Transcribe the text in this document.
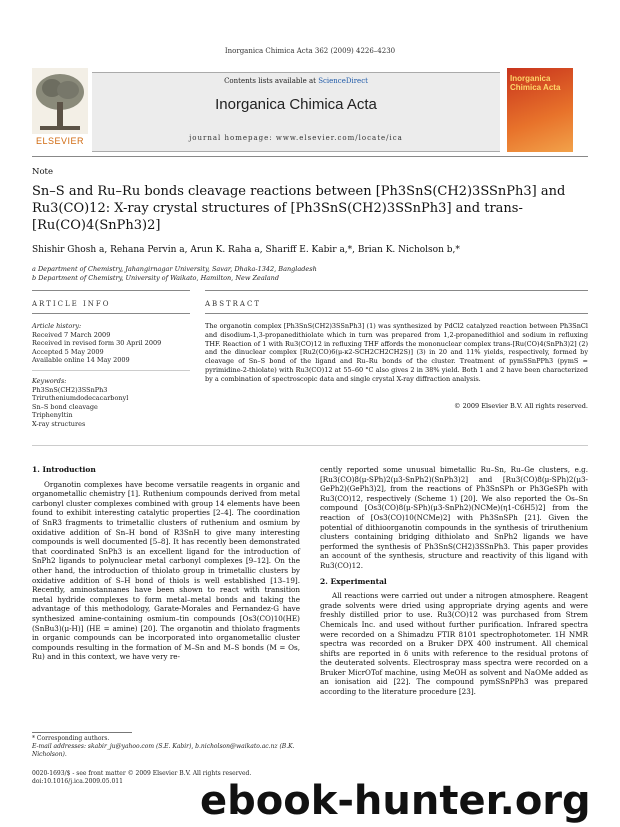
Inorganica Chimica Acta 362 (2009) 4226–4230
Contents lists available at ScienceDirect
Inorganica Chimica Acta
journal homepage: www.elsevier.com/locate/ica
ELSEVIER
Inorganica Chimica Acta
Note
Sn–S and Ru–Ru bonds cleavage reactions between [Ph3SnS(CH2)3SSnPh3] and Ru3(CO)12: X-ray crystal structures of [Ph3SnS(CH2)3SSnPh3] and trans-[Ru(CO)4(SnPh3)2]
Shishir Ghosh a, Rehana Pervin a, Arun K. Raha a, Shariff E. Kabir a,*, Brian K. Nicholson b,*
a Department of Chemistry, Jahangirnagar University, Savar, Dhaka-1342, Bangladesh
b Department of Chemistry, University of Waikato, Hamilton, New Zealand
ARTICLE INFO	ABSTRACT
Article history:
Received 7 March 2009
Received in revised form 30 April 2009
Accepted 5 May 2009
Available online 14 May 2009
Keywords:
Ph3SnS(CH2)3SSnPh3
Trirutheniumdodecacarbonyl
Sn–S bond cleavage
Triphenyltin
X-ray structures
The organotin complex [Ph3SnS(CH2)3SSnPh3] (1) was synthesized by PdCl2 catalyzed reaction between Ph3SnCl and disodium-1,3-propanedithiolate which in turn was prepared from 1,2-propanedithiol and sodium in refluxing THF. Reaction of 1 with Ru3(CO)12 in refluxing THF affords the mononuclear complex trans-[Ru(CO)4(SnPh3)2] (2) and the dinuclear complex [Ru2(CO)6(μ-κ2-SCH2CH2CH2S)] (3) in 20 and 11% yields, respectively, formed by cleavage of Sn–S bond of the ligand and Ru–Ru bonds of the cluster. Treatment of pymSSnPPh3 (pymS = pyrimidine-2-thiolate) with Ru3(CO)12 at 55–60 °C also gives 2 in 38% yield. Both 1 and 2 have been characterized by a combination of spectroscopic data and single crystal X-ray diffraction analysis.
© 2009 Elsevier B.V. All rights reserved.
1. Introduction
Organotin complexes have become versatile reagents in organic and organometallic chemistry [1]. Ruthenium compounds derived from metal carbonyl cluster complexes combined with group 14 elements have been found to exhibit interesting catalytic properties [2–4]. The coordination of SnR3 fragments to trimetallic clusters of ruthenium and osmium by oxidative addition of Sn–H bond of R3SnH to give many interesting compounds is well documented [5–8]. It has recently been demonstrated that coordinated SnPh3 is an excellent ligand for the introduction of SnPh2 ligands to polynuclear metal carbonyl complexes [9–12]. On the other hand, the introduction of thiolato group in trimetallic clusters by oxidative addition of S–H bond of thiols is well established [13–19]. Recently, aminostannanes have been shown to react with transition metal hydride complexes to form metal–metal bonds and taking the advantage of this methodology, Garate-Morales and Fernandez-G have synthesized amine-containing osmium–tin compounds [Os3(CO)10(HE)(SnBu3)(μ-H)] (HE = amine) [20]. The organotin and thiolato fragments in organic compounds can be incorporated into organometallic cluster compounds resulting in the formation of M–Sn and M–S bonds (M = Os, Ru) and in this context, we have very re-
cently reported some unusual bimetallic Ru–Sn, Ru–Ge clusters, e.g. [Ru3(CO)8(μ-SPh)2(μ3-SnPh2)(SnPh3)2] and [Ru3(CO)8(μ-SPh)2(μ3-GePh2)(GePh3)2], from the reactions of Ph3SnSPh or Ph3GeSPh with Ru3(CO)12, respectively (Scheme 1) [20]. We also reported the Os–Sn compound [Os3(CO)8(μ-SPh)(μ3-SnPh2)(NCMe)(η1-C6H5)2] from the reaction of [Os3(CO)10(NCMe)2] with Ph3SnSPh [21]. Given the potential of dithioorganotin compounds in the synthesis of triruthenium clusters containing bridging dithiolato and SnPh2 ligands we have performed the synthesis of Ph3SnS(CH2)3SSnPh3. This paper provides an account of the synthesis, structure and reactivity of this ligand with Ru3(CO)12.
2. Experimental
All reactions were carried out under a nitrogen atmosphere. Reagent grade solvents were dried using appropriate drying agents and were freshly distilled prior to use. Ru3(CO)12 was purchased from Strem Chemicals Inc. and used without further purification. Infrared spectra were recorded on a Shimadzu FTIR 8101 spectrophotometer. 1H NMR spectra was recorded on a Bruker DPX 400 instrument. All chemical shifts are reported in δ units with reference to the residual protons of the deuterated solvents. Electrospray mass spectra were recorded on a Bruker MicrOTof machine, using MeOH as solvent and NaOMe added as an ionisation aid [22]. The compound pymSSnPPh3 was prepared according to the literature procedure [23].
* Corresponding authors.
E-mail addresses: skabir_ju@yahoo.com (S.E. Kabir), b.nicholson@waikato.ac.nz (B.K. Nicholson).
0020-1693/$ - see front matter © 2009 Elsevier B.V. All rights reserved.
doi:10.1016/j.ica.2009.05.011	ebook-hunter.org
